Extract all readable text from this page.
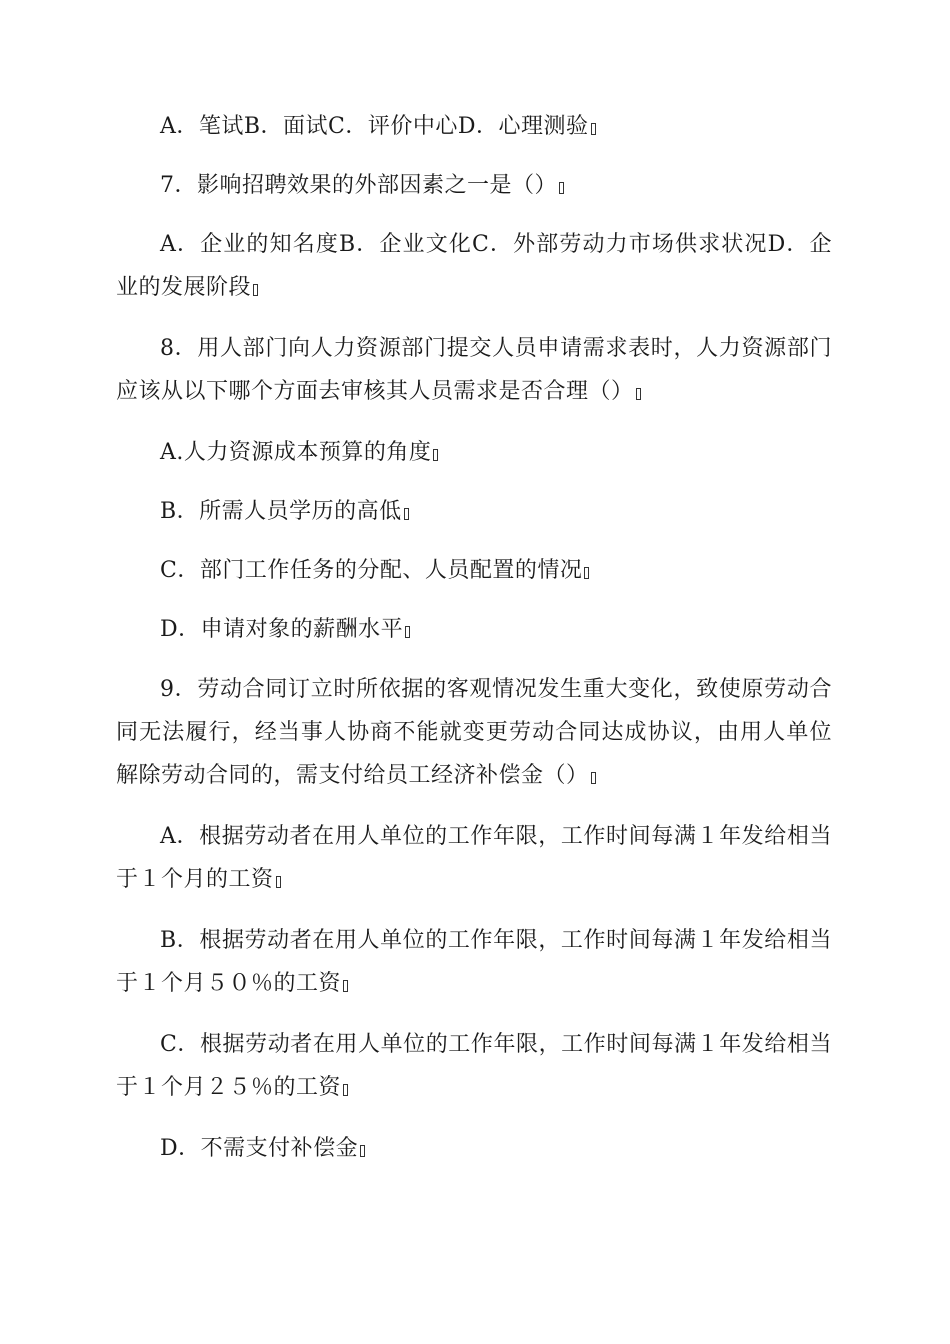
A．笔试B．面试C．评价中心D．心理测验

7．影响招聘效果的外部因素之一是（）

A．企业的知名度B．企业文化C．外部劳动力市场供求状况D．企业的发展阶段

8．用人部门向人力资源部门提交人员申请需求表时，人力资源部门应该从以下哪个方面去审核其人员需求是否合理（）

A.人力资源成本预算的角度

B．所需人员学历的高低

C．部门工作任务的分配、人员配置的情况

D．申请对象的薪酬水平

9．劳动合同订立时所依据的客观情况发生重大变化，致使原劳动合同无法履行，经当事人协商不能就变更劳动合同达成协议，由用人单位解除劳动合同的，需支付给员工经济补偿金（）

A．根据劳动者在用人单位的工作年限，工作时间每满１年发给相当于１个月的工资

B．根据劳动者在用人单位的工作年限，工作时间每满１年发给相当于１个月５０％的工资

C．根据劳动者在用人单位的工作年限，工作时间每满１年发给相当于１个月２５％的工资

D．不需支付补偿金
